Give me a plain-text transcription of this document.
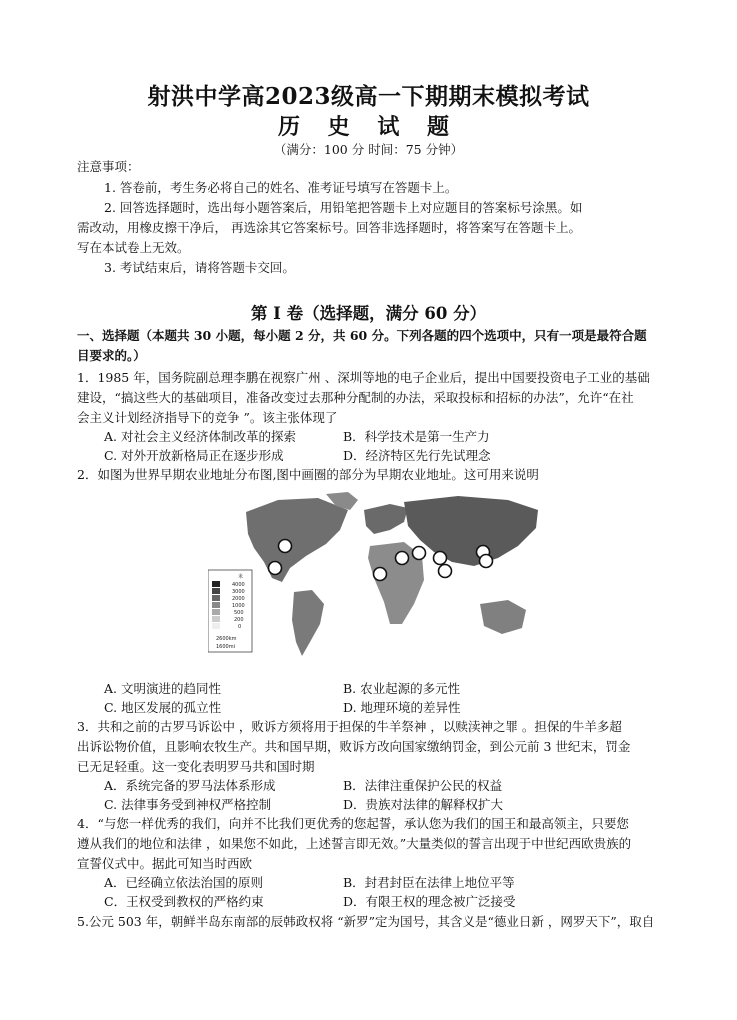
射洪中学高2023级高一下期期末模拟考试
历 史 试 题
（满分：100 分 时间：75 分钟）
注意事项：
1. 答卷前，考生务必将自己的姓名、准考证号填写在答题卡上。
2. 回答选择题时，选出每小题答案后，用铅笔把答题卡上对应题目的答案标号涂黑。如
需改动，用橡皮擦干净后， 再选涂其它答案标号。回答非选择题时，将答案写在答题卡上。
写在本试卷上无效。
3. 考试结束后，请将答题卡交回。
第 I 卷（选择题，满分 60 分）
一、选择题（本题共 30 小题，每小题 2 分，共 60 分。下列各题的四个选项中，只有一项是最符合题
目要求的。）
1．1985 年，国务院副总理李鹏在视察广州 、深圳等地的电子企业后，提出中国要投资电子工业的基础
建设，“搞这些大的基础项目，准备改变过去那种分配制的办法，采取投标和招标的办法”，允许“在社
会主义计划经济指导下的竞争 ”。该主张体现了
A. 对社会主义经济体制改革的探索	B．科学技术是第一生产力
C. 对外开放新格局正在逐步形成	D．经济特区先行先试理念
2．如图为世界早期农业地址分布图,图中画圈的部分为早期农业地址。这可用来说明
米
4000
3000
2000
1000
500
200
0
2600km
1600mi
A. 文明演进的趋同性	B. 农业起源的多元性
C. 地区发展的孤立性	D. 地理环境的差异性
3．共和之前的古罗马诉讼中 ，败诉方须将用于担保的牛羊祭神 ，以赎渎神之罪 。担保的牛羊多超
出诉讼物价值，且影响农牧生产。共和国早期，败诉方改向国家缴纳罚金，到公元前 3 世纪末，罚金
已无足轻重。这一变化表明罗马共和国时期
A．系统完备的罗马法体系形成	B．法律注重保护公民的权益
C. 法律事务受到神权严格控制	D．贵族对法律的解释权扩大
4．“与您一样优秀的我们，向并不比我们更优秀的您起誓，承认您为我们的国王和最高领主，只要您
遵从我们的地位和法律 ，如果您不如此，上述誓言即无效。”大量类似的誓言出现于中世纪西欧贵族的
宣誓仪式中。据此可知当时西欧
A．已经确立依法治国的原则	B．封君封臣在法律上地位平等
C．王权受到教权的严格约束	D．有限王权的理念被广泛接受
5.公元 503 年，朝鲜半岛东南部的辰韩政权将 “新罗”定为国号，其含义是“德业日新 ，网罗天下”，取自
